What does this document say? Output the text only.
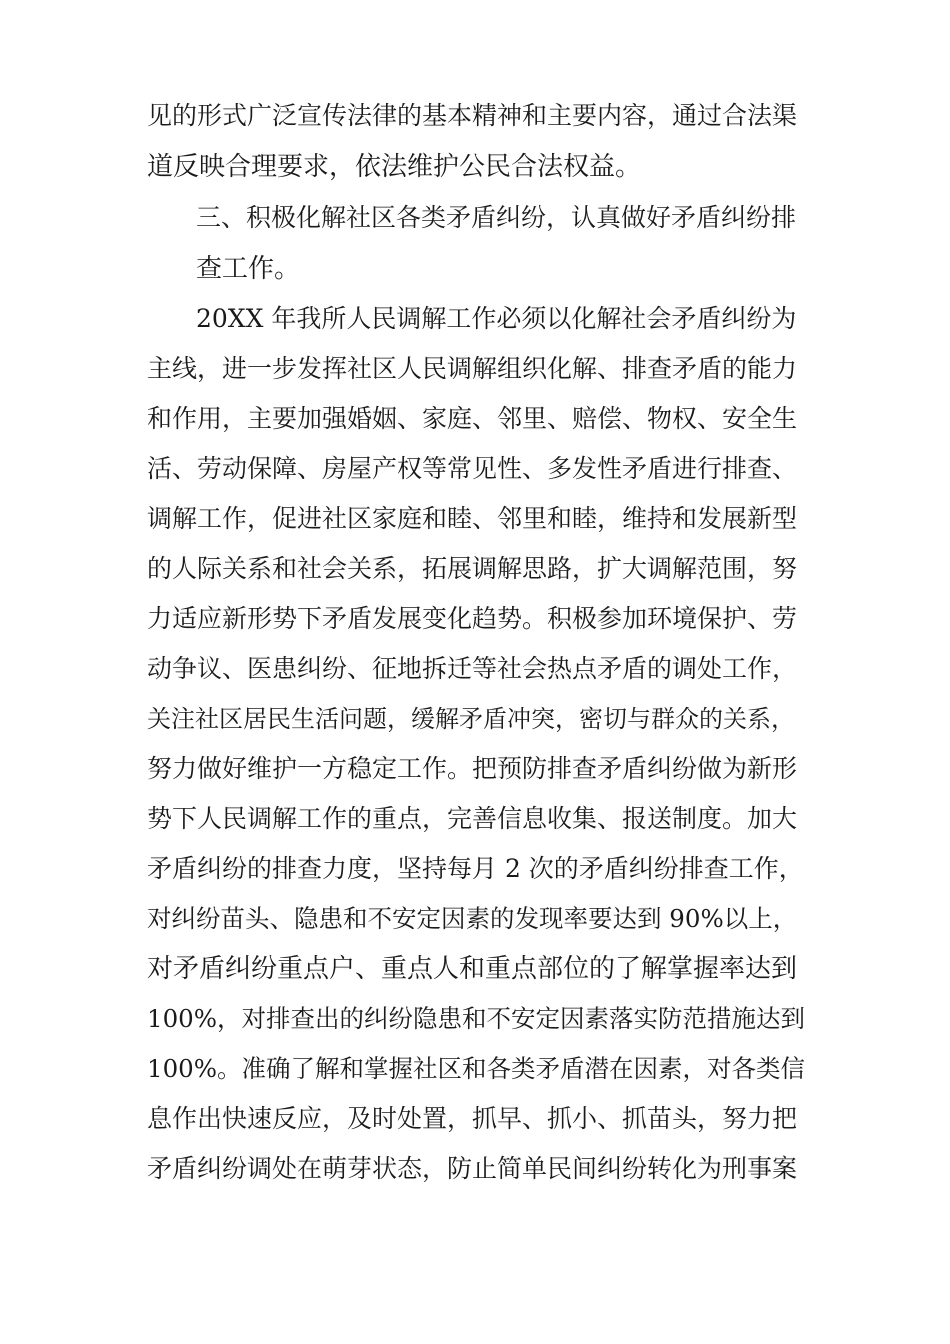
见的形式广泛宣传法律的基本精神和主要内容，通过合法渠
道反映合理要求，依法维护公民合法权益。
三、积极化解社区各类矛盾纠纷，认真做好矛盾纠纷排
查工作。
20XX 年我所人民调解工作必须以化解社会矛盾纠纷为
主线，进一步发挥社区人民调解组织化解、排查矛盾的能力
和作用，主要加强婚姻、家庭、邻里、赔偿、物权、安全生
活、劳动保障、房屋产权等常见性、多发性矛盾进行排查、
调解工作，促进社区家庭和睦、邻里和睦，维持和发展新型
的人际关系和社会关系，拓展调解思路，扩大调解范围，努
力适应新形势下矛盾发展变化趋势。积极参加环境保护、劳
动争议、医患纠纷、征地拆迁等社会热点矛盾的调处工作，
关注社区居民生活问题，缓解矛盾冲突，密切与群众的关系，
努力做好维护一方稳定工作。把预防排查矛盾纠纷做为新形
势下人民调解工作的重点，完善信息收集、报送制度。加大
矛盾纠纷的排查力度，坚持每月 2 次的矛盾纠纷排查工作，
对纠纷苗头、隐患和不安定因素的发现率要达到 90%以上，
对矛盾纠纷重点户、重点人和重点部位的了解掌握率达到
100%，对排查出的纠纷隐患和不安定因素落实防范措施达到
100%。准确了解和掌握社区和各类矛盾潜在因素，对各类信
息作出快速反应，及时处置，抓早、抓小、抓苗头，努力把
矛盾纠纷调处在萌芽状态，防止简单民间纠纷转化为刑事案
